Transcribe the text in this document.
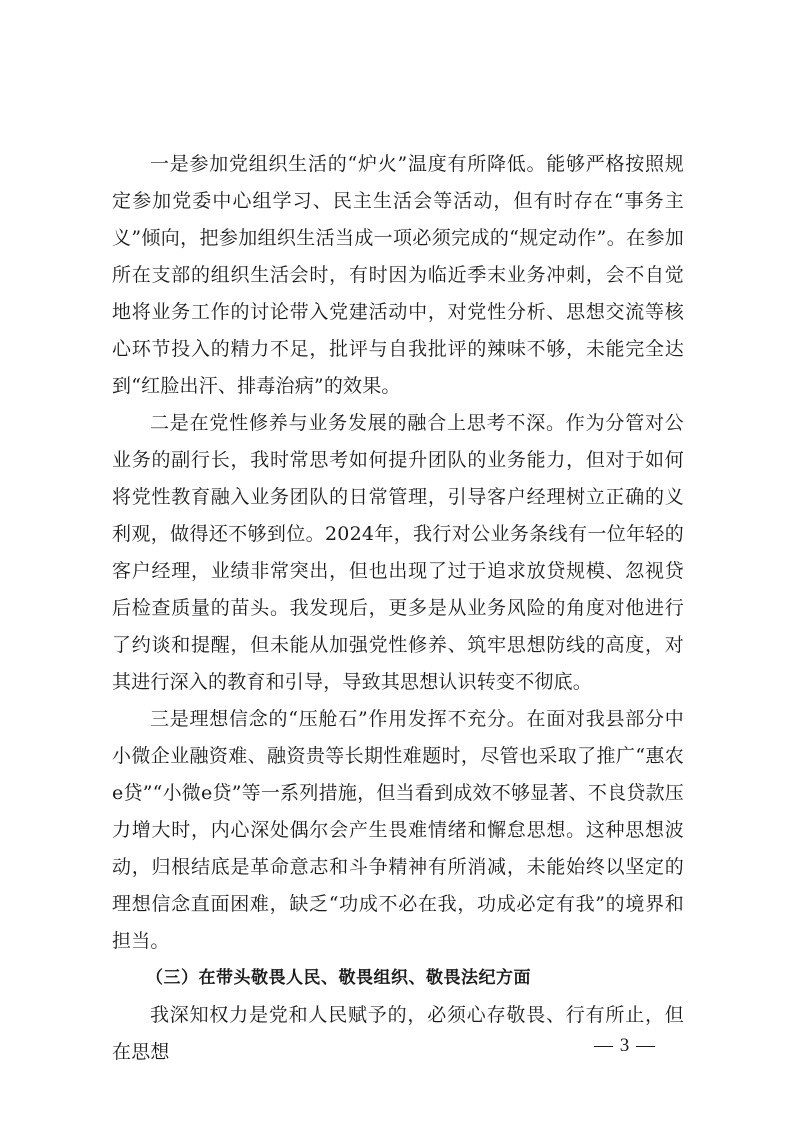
一是参加党组织生活的“炉火”温度有所降低。能够严格按照规定参加党委中心组学习、民主生活会等活动，但有时存在“事务主义”倾向，把参加组织生活当成一项必须完成的“规定动作”。在参加所在支部的组织生活会时，有时因为临近季末业务冲刺，会不自觉地将业务工作的讨论带入党建活动中，对党性分析、思想交流等核心环节投入的精力不足，批评与自我批评的辣味不够，未能完全达到“红脸出汗、排毒治病”的效果。

二是在党性修养与业务发展的融合上思考不深。作为分管对公业务的副行长，我时常思考如何提升团队的业务能力，但对于如何将党性教育融入业务团队的日常管理，引导客户经理树立正确的义利观，做得还不够到位。2024年，我行对公业务条线有一位年轻的客户经理，业绩非常突出，但也出现了过于追求放贷规模、忽视贷后检查质量的苗头。我发现后，更多是从业务风险的角度对他进行了约谈和提醒，但未能从加强党性修养、筑牢思想防线的高度，对其进行深入的教育和引导，导致其思想认识转变不彻底。

三是理想信念的“压舱石”作用发挥不充分。在面对我县部分中小微企业融资难、融资贵等长期性难题时，尽管也采取了推广“惠农e贷”“小微e贷”等一系列措施，但当看到成效不够显著、不良贷款压力增大时，内心深处偶尔会产生畏难情绪和懈怠思想。这种思想波动，归根结底是革命意志和斗争精神有所消减，未能始终以坚定的理想信念直面困难，缺乏“功成不必在我，功成必定有我”的境界和担当。

（三）在带头敬畏人民、敬畏组织、敬畏法纪方面

我深知权力是党和人民赋予的，必须心存敬畏、行有所止，但在思想	— 3 —
